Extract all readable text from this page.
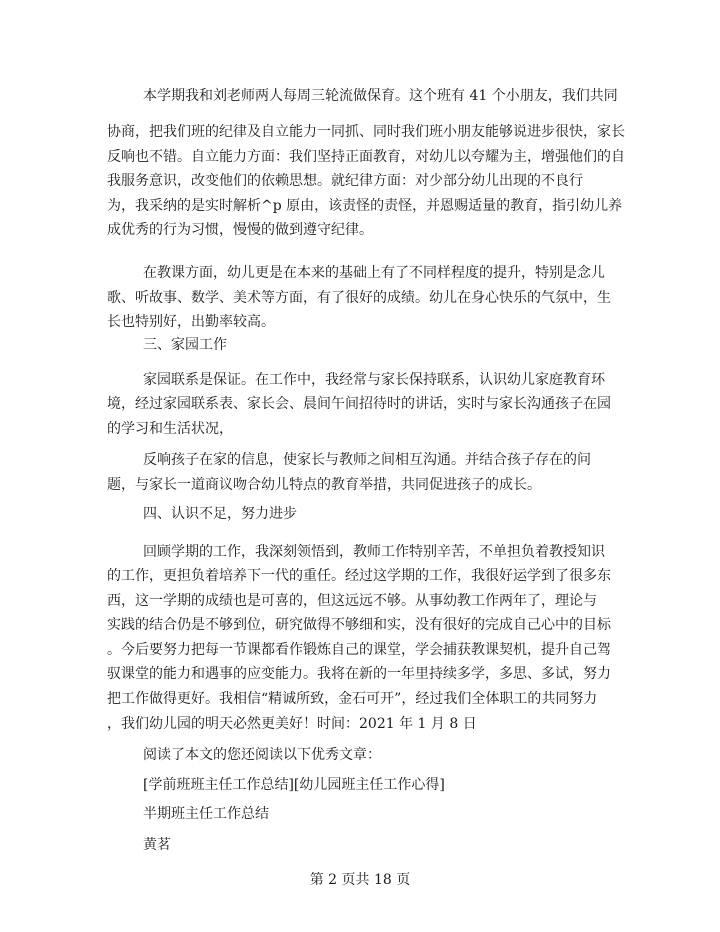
本学期我和刘老师两人每周三轮流做保育。这个班有 41 个小朋友，我们共同
协商，把我们班的纪律及自立能力一同抓、同时我们班小朋友能够说进步很快，家长
反响也不错。自立能力方面：我们坚持正面教育，对幼儿以夸耀为主，增强他们的自
我服务意识，改变他们的依赖思想。就纪律方面：对少部分幼儿出现的不良行
为，我采纳的是实时解析^p 原由，该责怪的责怪，并恩赐适量的教育，指引幼儿养
成优秀的行为习惯，慢慢的做到遵守纪律。
在教课方面，幼儿更是在本来的基础上有了不同样程度的提升，特别是念儿
歌、听故事、数学、美术等方面，有了很好的成绩。幼儿在身心快乐的气氛中，生
长也特别好，出勤率较高。
三、家园工作
家园联系是保证。在工作中，我经常与家长保持联系，认识幼儿家庭教育环
境，经过家园联系表、家长会、晨间午间招待时的讲话，实时与家长沟通孩子在园
的学习和生活状况，
反响孩子在家的信息，使家长与教师之间相互沟通。并结合孩子存在的问
题，与家长一道商议吻合幼儿特点的教育举措，共同促进孩子的成长。
四、认识不足，努力进步
回顾学期的工作，我深刻领悟到，教师工作特别辛苦，不单担负着教授知识
的工作，更担负着培养下一代的重任。经过这学期的工作，我很好运学到了很多东
西，这一学期的成绩也是可喜的，但这远远不够。从事幼教工作两年了，理论与
实践的结合仍是不够到位，研究做得不够细和实，没有很好的完成自己心中的目标
。今后要努力把每一节课都看作锻炼自己的课堂，学会捕获教课契机，提升自己驾
驭课堂的能力和遇事的应变能力。我将在新的一年里持续多学，多思、多试，努力
把工作做得更好。我相信“精诚所致，金石可开”，经过我们全体职工的共同努力
，我们幼儿园的明天必然更美好！时间：2021 年 1 月 8 日
阅读了本文的您还阅读以下优秀文章：
[学前班班主任工作总结][幼儿园班主任工作心得]
半期班主任工作总结
黄茗
第 2 页共 18 页
